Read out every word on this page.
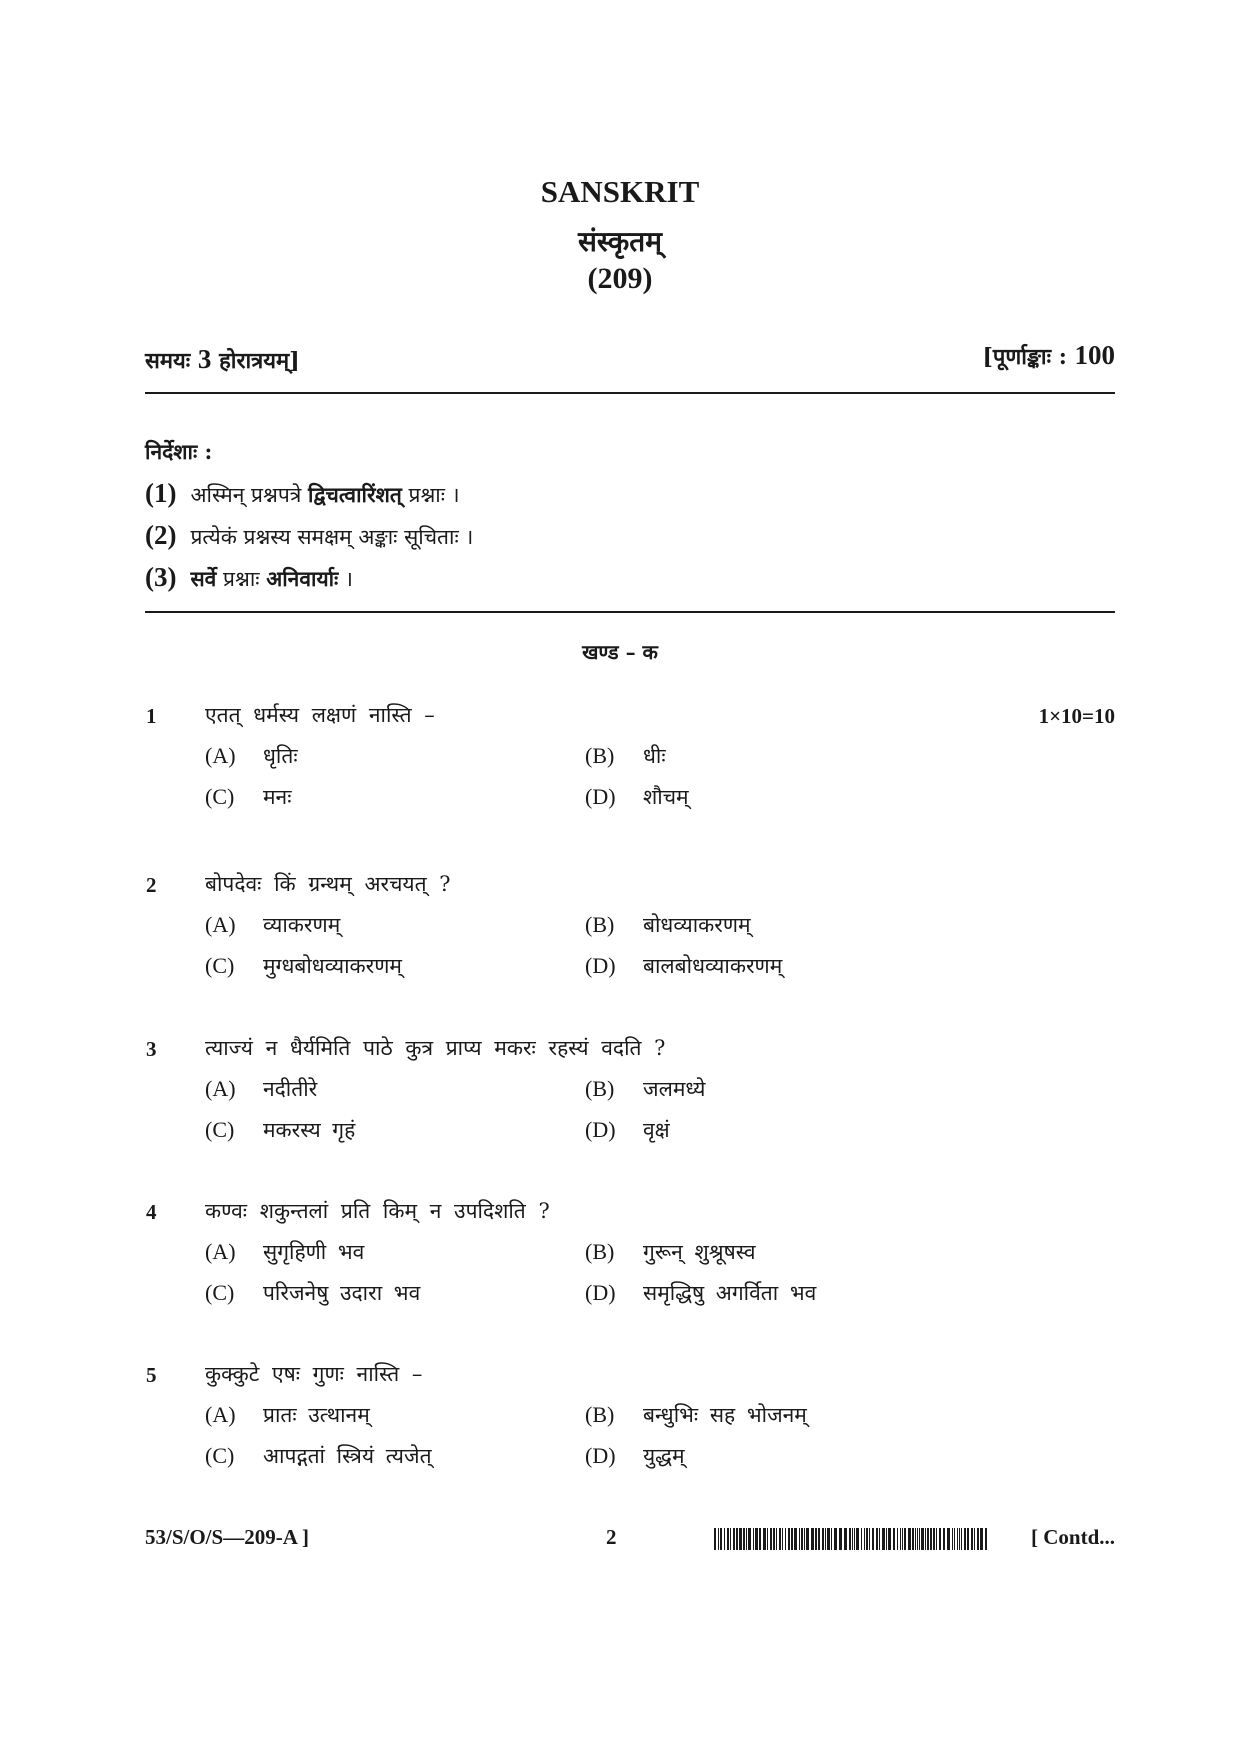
SANSKRIT
संस्कृतम्
(209)
समयः 3 होरात्रयम्]	[पूर्णाङ्काः : 100
निर्देशाः :
(1) अस्मिन् प्रश्नपत्रे द्विचत्वारिंशत् प्रश्नाः ।
(2) प्रत्येकं प्रश्नस्य समक्षम् अङ्काः सूचिताः ।
(3) सर्वे प्रश्नाः अनिवार्याः ।
खण्ड – क
1 एतत् धर्मस्य लक्षणं नास्ति –	1×10=10
(A) धृतिः	(B) धीः
(C) मनः	(D) शौचम्
2 बोपदेवः किं ग्रन्थम् अरचयत् ?
(A) व्याकरणम्	(B) बोधव्याकरणम्
(C) मुग्धबोधव्याकरणम्	(D) बालबोधव्याकरणम्
3 त्याज्यं न धैर्यमिति पाठे कुत्र प्राप्य मकरः रहस्यं वदति ?
(A) नदीतीरे	(B) जलमध्ये
(C) मकरस्य गृहं	(D) वृक्षं
4 कण्वः शकुन्तलां प्रति किम् न उपदिशति ?
(A) सुगृहिणी भव	(B) गुरून् शुश्रूषस्व
(C) परिजनेषु उदारा भव	(D) समृद्धिषु अगर्विता भव
5 कुक्कुटे एषः गुणः नास्ति –
(A) प्रातः उत्थानम्	(B) बन्धुभिः सह भोजनम्
(C) आपद्गतां स्त्रियं त्यजेत्	(D) युद्धम्
53/S/O/S—209-A ]	2	[ Contd...
